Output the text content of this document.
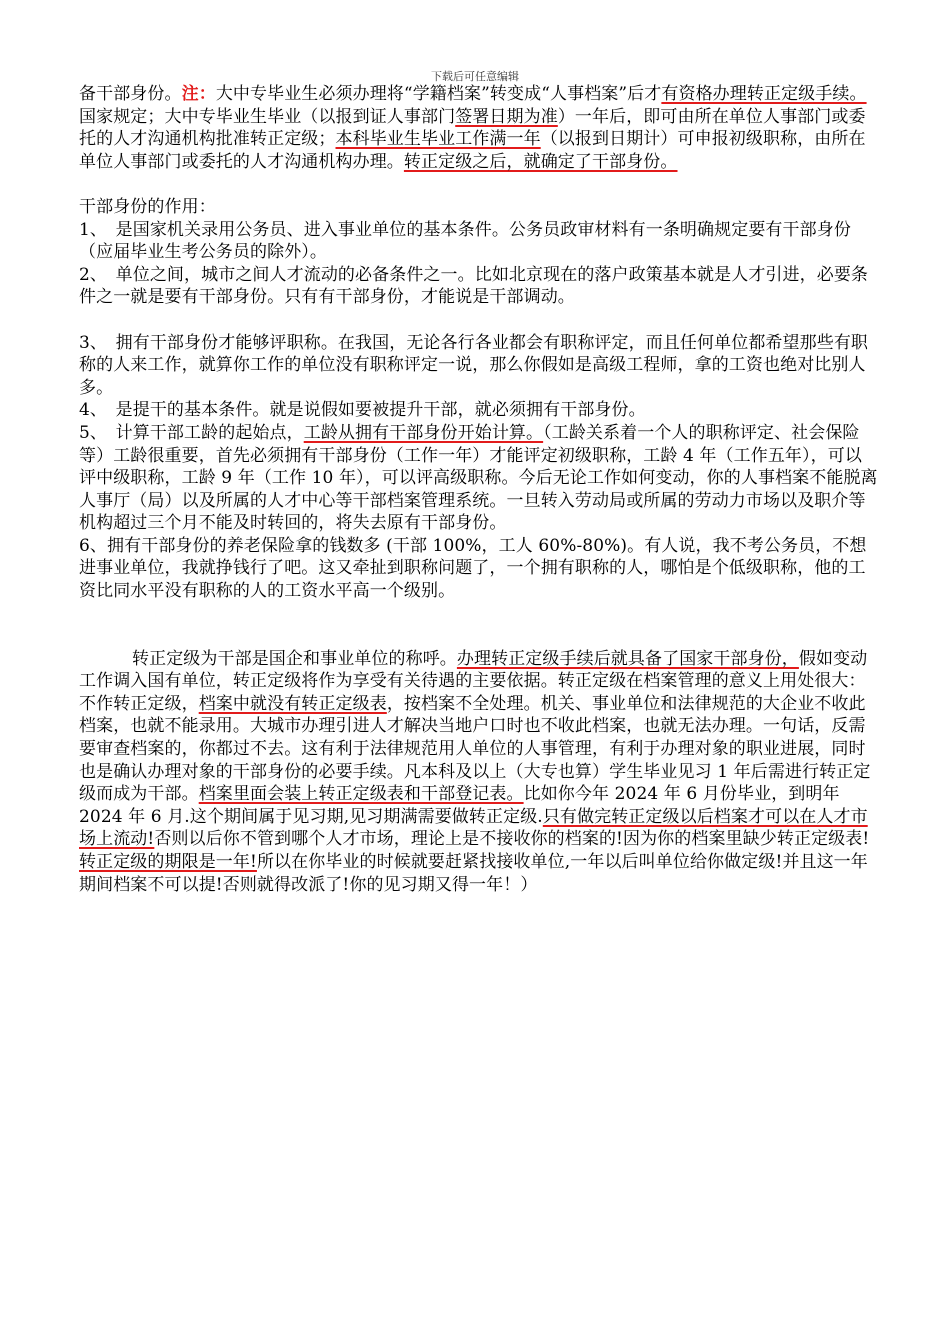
下载后可任意编辑

备干部身份。注：大中专毕业生必须办理将“学籍档案”转变成“人事档案”后才有资格办理转正定级手续。国家规定；大中专毕业生毕业（以报到证人事部门签署日期为准）一年后，即可由所在单位人事部门或委托的人才沟通机构批准转正定级；本科毕业生毕业工作满一年（以报到日期计）可申报初级职称，由所在单位人事部门或委托的人才沟通机构办理。转正定级之后，就确定了干部身份。

干部身份的作用：

1、　是国家机关录用公务员、进入事业单位的基本条件。公务员政审材料有一条明确规定要有干部身份（应届毕业生考公务员的除外）。

2、　单位之间，城市之间人才流动的必备条件之一。比如北京现在的落户政策基本就是人才引进，必要条件之一就是要有干部身份。只有有干部身份，才能说是干部调动。

3、　拥有干部身份才能够评职称。在我国，无论各行各业都会有职称评定，而且任何单位都希望那些有职称的人来工作，就算你工作的单位没有职称评定一说，那么你假如是高级工程师，拿的工资也绝对比别人多。

4、　是提干的基本条件。就是说假如要被提升干部，就必须拥有干部身份。

5、　计算干部工龄的起始点，工龄从拥有干部身份开始计算。（工龄关系着一个人的职称评定、社会保险等）工龄很重要，首先必须拥有干部身份（工作一年）才能评定初级职称，工龄 4 年（工作五年），可以评中级职称，工龄 9 年（工作 10 年），可以评高级职称。今后无论工作如何变动，你的人事档案不能脱离人事厅（局）以及所属的人才中心等干部档案管理系统。一旦转入劳动局或所属的劳动力市场以及职介等机构超过三个月不能及时转回的，将失去原有干部身份。

6、拥有干部身份的养老保险拿的钱数多 (干部 100%，工人 60%-80%)。有人说，我不考公务员，不想进事业单位，我就挣钱行了吧。这又牵扯到职称问题了，一个拥有职称的人，哪怕是个低级职称，他的工资比同水平没有职称的人的工资水平高一个级别。

转正定级为干部是国企和事业单位的称呼。办理转正定级手续后就具备了国家干部身份，假如变动工作调入国有单位，转正定级将作为享受有关待遇的主要依据。转正定级在档案管理的意义上用处很大：不作转正定级，档案中就没有转正定级表，按档案不全处理。机关、事业单位和法律规范的大企业不收此档案，也就不能录用。大城市办理引进人才解决当地户口时也不收此档案，也就无法办理。一句话，反需要审查档案的，你都过不去。这有利于法律规范用人单位的人事管理，有利于办理对象的职业进展，同时也是确认办理对象的干部身份的必要手续。凡本科及以上（大专也算）学生毕业见习 1 年后需进行转正定级而成为干部。档案里面会装上转正定级表和干部登记表。比如你今年 2024 年 6 月份毕业，到明年 2024 年 6 月.这个期间属于见习期,见习期满需要做转正定级.只有做完转正定级以后档案才可以在人才市场上流动!否则以后你不管到哪个人才市场，理论上是不接收你的档案的!因为你的档案里缺少转正定级表!转正定级的期限是一年!所以在你毕业的时候就要赶紧找接收单位,一年以后叫单位给你做定级!并且这一年期间档案不可以提!否则就得改派了!你的见习期又得一年！）
